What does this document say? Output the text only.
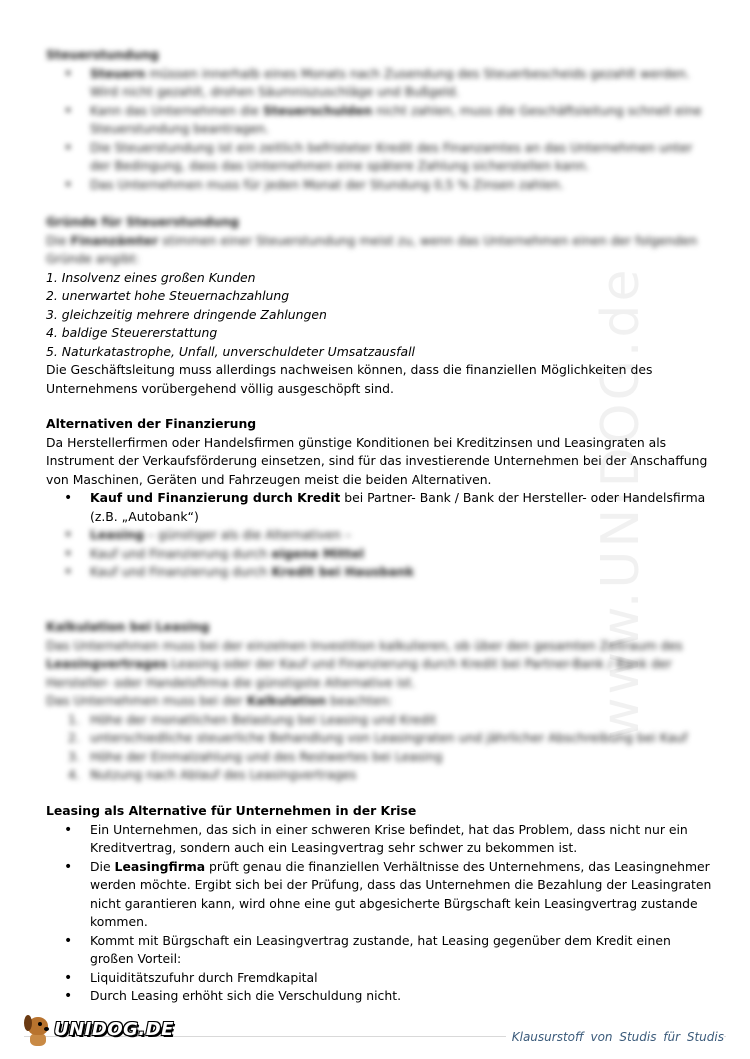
www.UNIDOG.de

Steuerstundung

• Steuern müssen innerhalb eines Monats nach Zusendung des Steuerbescheids gezahlt werden. Wird nicht gezahlt, drohen Säumniszuschläge und Bußgeld.
• Kann das Unternehmen die Steuerschulden nicht zahlen, muss die Geschäftsleitung schnell eine Steuerstundung beantragen.
• Die Steuerstundung ist ein zeitlich befristeter Kredit des Finanzamtes an das Unternehmen unter der Bedingung, dass das Unternehmen eine spätere Zahlung sicherstellen kann.
• Das Unternehmen muss für jeden Monat der Stundung 0,5 % Zinsen zahlen.

Gründe für Steuerstundung

Die Finanzämter stimmen einer Steuerstundung meist zu, wenn das Unternehmen einen der folgenden Gründe angibt:

1. Insolvenz eines großen Kunden
2. unerwartet hohe Steuernachzahlung
3. gleichzeitig mehrere dringende Zahlungen
4. baldige Steuererstattung
5. Naturkatastrophe, Unfall, unverschuldeter Umsatzausfall

Die Geschäftsleitung muss allerdings nachweisen können, dass die finanziellen Möglichkeiten des Unternehmens vorübergehend völlig ausgeschöpft sind.

Alternativen der Finanzierung

Da Herstellerfirmen oder Handelsfirmen günstige Konditionen bei Kreditzinsen und Leasingraten als Instrument der Verkaufsförderung einsetzen, sind für das investierende Unternehmen bei der Anschaffung von Maschinen, Geräten und Fahrzeugen meist die beiden Alternativen.

• Kauf und Finanzierung durch Kredit bei Partner- Bank / Bank der Hersteller- oder Handelsfirma (z.B. „Autobank“)
• Leasing – günstiger als die Alternativen –
• Kauf und Finanzierung durch eigene Mittel
• Kauf und Finanzierung durch Kredit bei Hausbank

Kalkulation bei Leasing

Das Unternehmen muss bei der einzelnen Investition kalkulieren, ob über den gesamten Zeitraum des Leasingvertrages Leasing oder der Kauf und Finanzierung durch Kredit bei Partner-Bank / Bank der Hersteller- oder Handelsfirma die günstigste Alternative ist.

Das Unternehmen muss bei der Kalkulation beachten:

1. Höhe der monatlichen Belastung bei Leasing und Kredit
2. unterschiedliche steuerliche Behandlung von Leasingraten und jährlicher Abschreibung bei Kauf
3. Höhe der Einmalzahlung und des Restwertes bei Leasing
4. Nutzung nach Ablauf des Leasingvertrages

Leasing als Alternative für Unternehmen in der Krise

• Ein Unternehmen, das sich in einer schweren Krise befindet, hat das Problem, dass nicht nur ein Kreditvertrag, sondern auch ein Leasingvertrag sehr schwer zu bekommen ist.
• Die Leasingfirma prüft genau die finanziellen Verhältnisse des Unternehmens, das Leasingnehmer werden möchte. Ergibt sich bei der Prüfung, dass das Unternehmen die Bezahlung der Leasingraten nicht garantieren kann, wird ohne eine gut abgesicherte Bürgschaft kein Leasingvertrag zustande kommen.
• Kommt mit Bürgschaft ein Leasingvertrag zustande, hat Leasing gegenüber dem Kredit einen großen Vorteil:
• Liquiditätszufuhr durch Fremdkapital
• Durch Leasing erhöht sich die Verschuldung nicht.
UNIDOG.DE	Klausurstoff von Studis für Studis
